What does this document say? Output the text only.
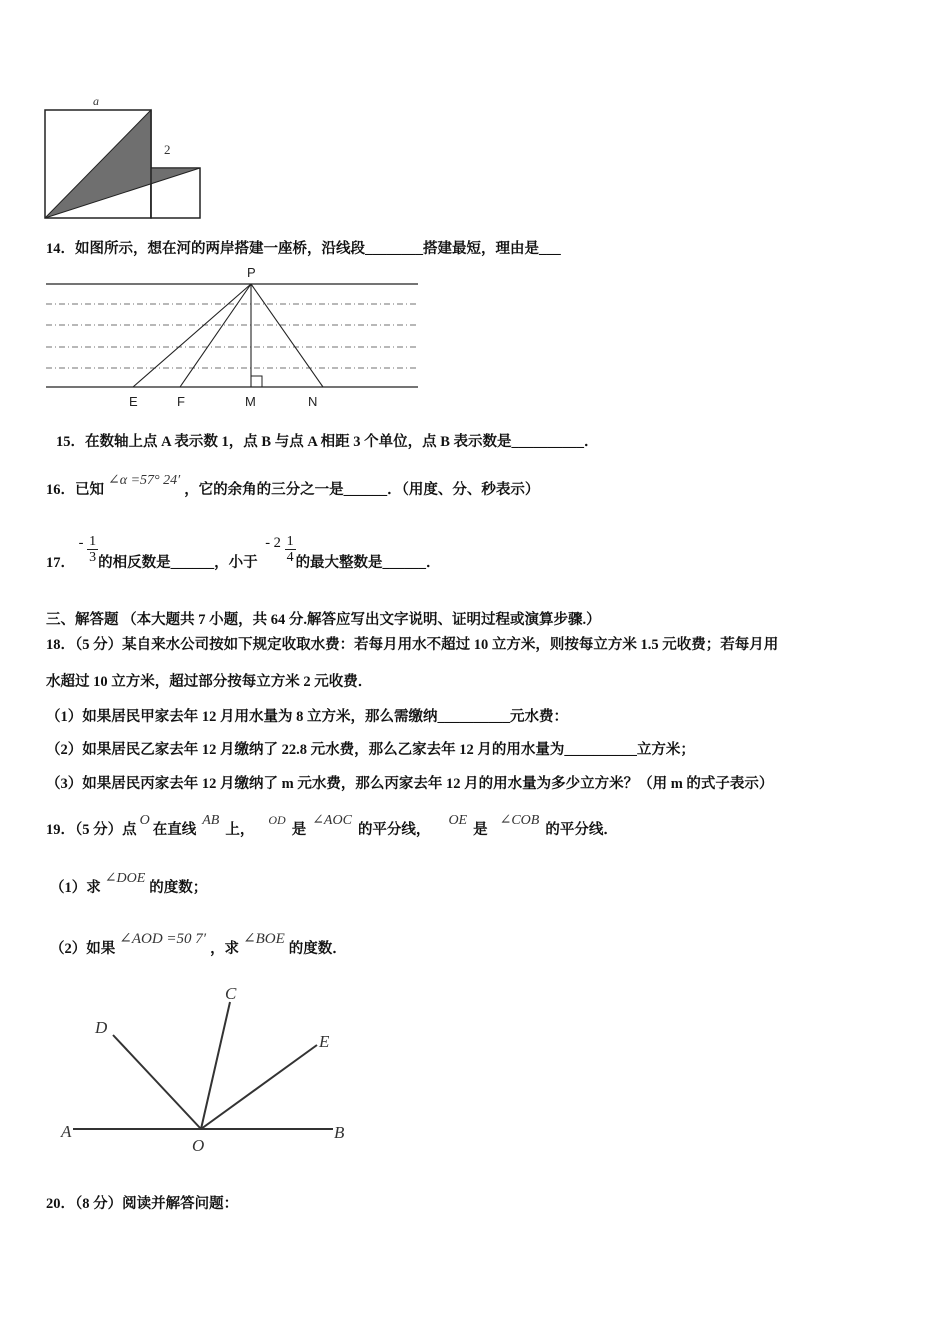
a
2
14．如图所示，想在河的两岸搭建一座桥，沿线段________搭建最短，理由是___
P
E	F	M	N
15．在数轴上点 A 表示数 1，点 B 与点 A 相距 3 个单位，点 B 表示数是__________．
16．已知∠α =57° 24′，它的余角的三分之一是______．（用度、分、秒表示）
17． - $\frac{1}{3}$ 的相反数是______，小于 - $2 \frac{1}{4}$ 的最大整数是______．
三、解答题 （本大题共 7 小题，共 64 分.解答应写出文字说明、证明过程或演算步骤.）
18．（5 分）某自来水公司按如下规定收取水费：若每月用水不超过 10 立方米，则按每立方米 1.5 元收费；若每月用
水超过 10 立方米，超过部分按每立方米 2 元收费．
（1）如果居民甲家去年 12 月用水量为 8 立方米，那么需缴纳__________元水费：
（2）如果居民乙家去年 12 月缴纳了 22.8 元水费，那么乙家去年 12 月的用水量为__________立方米；
（3）如果居民丙家去年 12 月缴纳了 m 元水费，那么丙家去年 12 月的用水量为多少立方米？（用 m 的式子表示）
19．（5 分）点O在直线AB上，OD是∠AOC的平分线，OE是∠COB的平分线．
（1）求∠DOE的度数；
（2）如果∠AOD =50 7′，求∠BOE的度数．
A	B
C
D
E
O
20．（8 分）阅读并解答问题：
